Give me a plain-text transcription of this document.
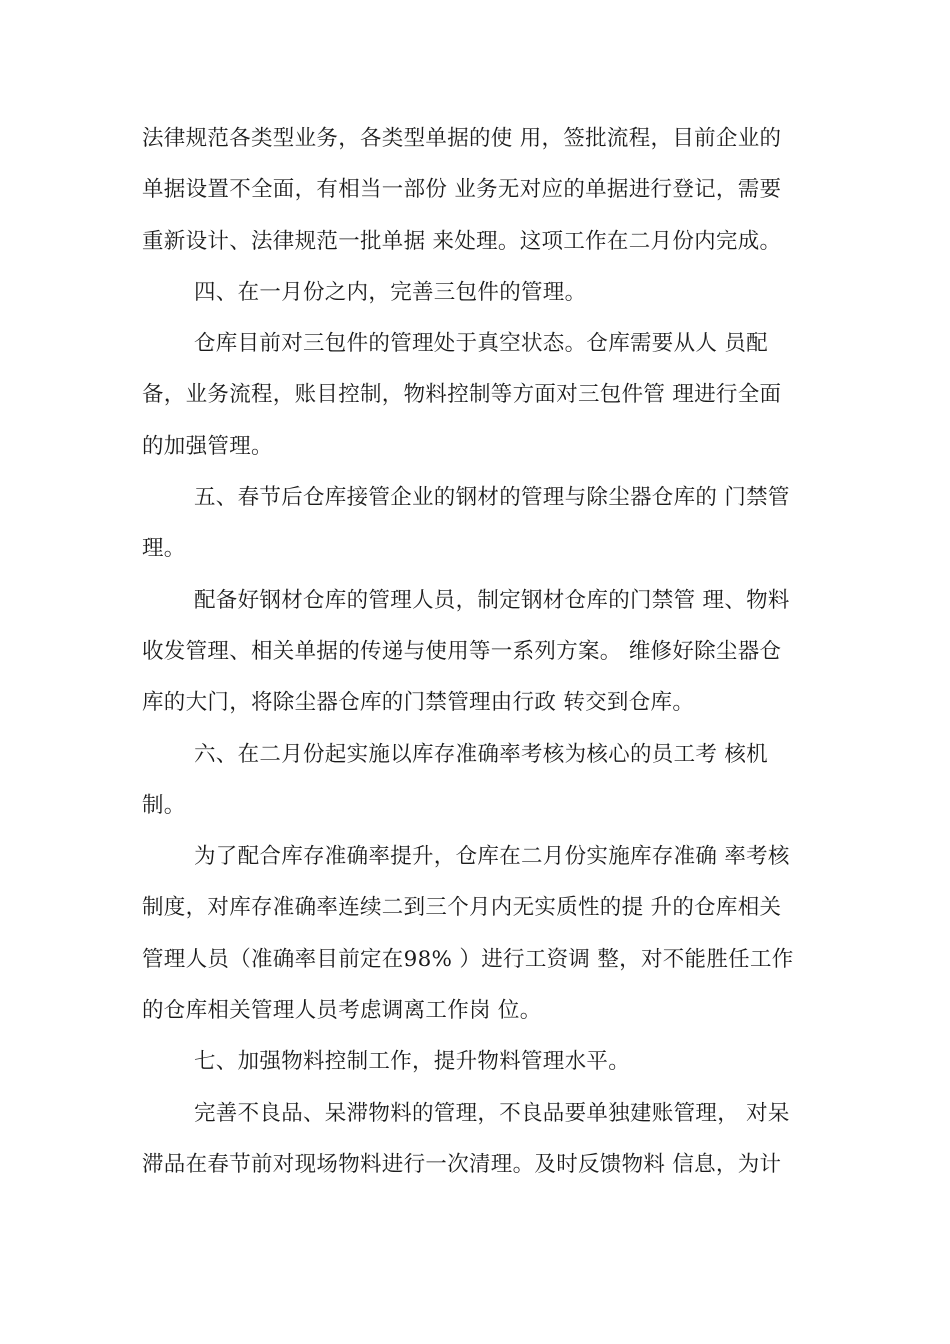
法律规范各类型业务，各类型单据的使 用，签批流程，目前企业的
单据设置不全面，有相当一部份 业务无对应的单据进行登记，需要
重新设计、法律规范一批单据 来处理。这项工作在二月份内完成。
四、在一月份之内，完善三包件的管理。
仓库目前对三包件的管理处于真空状态。仓库需要从人 员配
备，业务流程，账目控制，物料控制等方面对三包件管 理进行全面
的加强管理。
五、春节后仓库接管企业的钢材的管理与除尘器仓库的 门禁管
理。
配备好钢材仓库的管理人员，制定钢材仓库的门禁管 理、物料
收发管理、相关单据的传递与使用等一系列方案。 维修好除尘器仓
库的大门，将除尘器仓库的门禁管理由行政 转交到仓库。
六、在二月份起实施以库存准确率考核为核心的员工考 核机
制。
为了配合库存准确率提升，仓库在二月份实施库存准确 率考核
制度，对库存准确率连续二到三个月内无实质性的提 升的仓库相关
管理人员（准确率目前定在98% ）进行工资调 整，对不能胜任工作
的仓库相关管理人员考虑调离工作岗 位。
七、加强物料控制工作，提升物料管理水平。
完善不良品、呆滞物料的管理，不良品要单独建账管理， 对呆
滞品在春节前对现场物料进行一次清理。及时反馈物料 信息，为计
